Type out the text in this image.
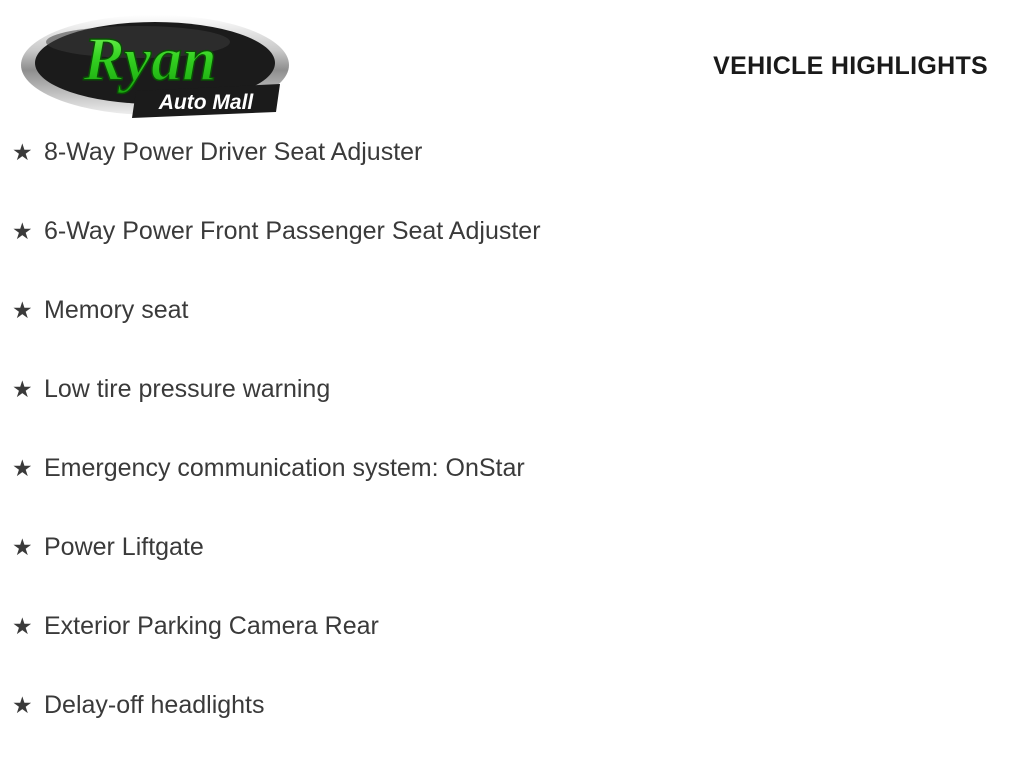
Ryan
Auto Mall
VEHICLE HIGHLIGHTS
★ 8-Way Power Driver Seat Adjuster
★ 6-Way Power Front Passenger Seat Adjuster
★ Memory seat
★ Low tire pressure warning
★ Emergency communication system: OnStar
★ Power Liftgate
★ Exterior Parking Camera Rear
★ Delay-off headlights
